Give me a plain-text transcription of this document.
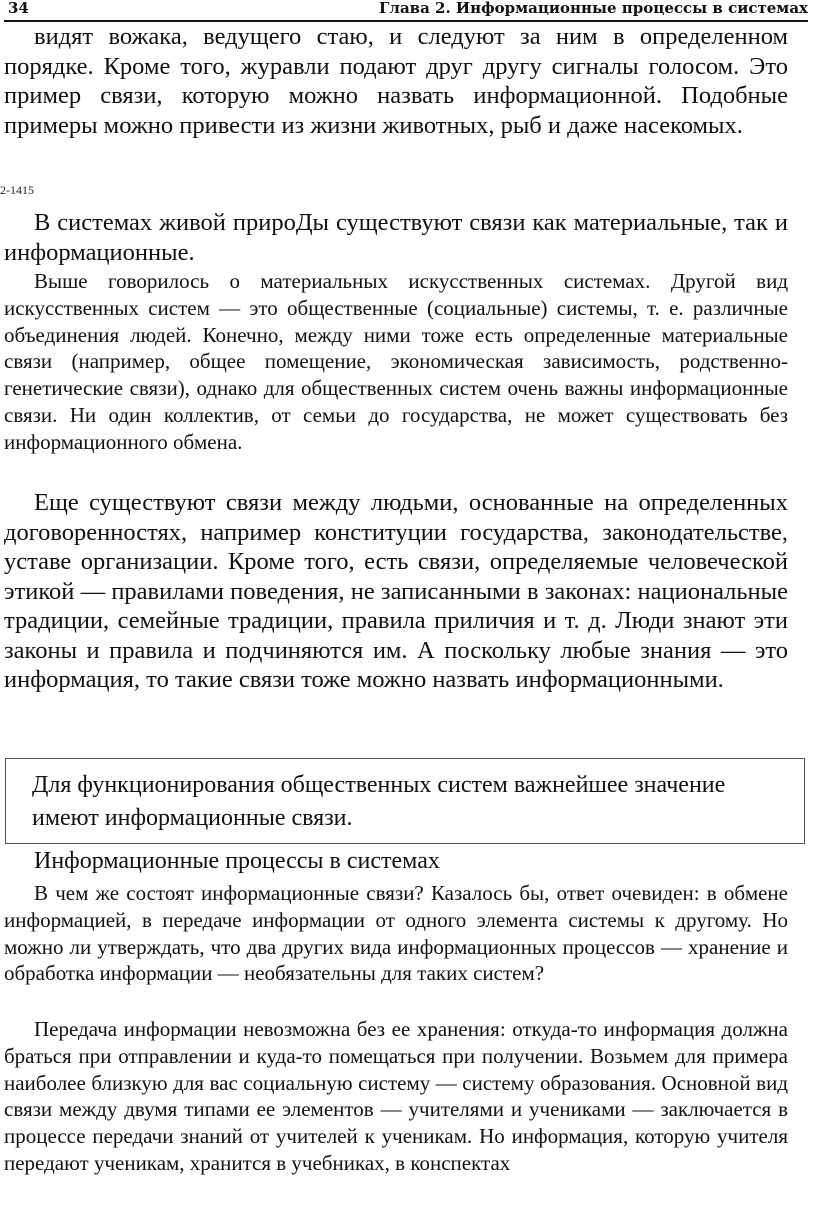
34	Глава 2. Информационные процессы в системах

видят вожака, ведущего стаю, и следуют за ним в определенном порядке. Кроме того, журавли подают друг другу сигналы голосом. Это пример связи, которую можно назвать информационной. Подобные примеры можно привести из жизни животных, рыб и даже насекомых.

2-1415

В системах живой прироДы существуют связи как материальные, так и информационные.

Выше говорилось о материальных искусственных системах. Другой вид искусственных систем — это общественные (социальные) системы, т. е. различные объединения людей. Конечно, между ними тоже есть определенные материальные связи (например, общее помещение, экономическая зависимость, родственно-генетические связи), однако для общественных систем очень важны информационные связи. Ни один коллектив, от семьи до государства, не может существовать без информационного обмена.

Еще существуют связи между людьми, основанные на определенных договоренностях, например конституции государства, законодательстве, уставе организации. Кроме того, есть связи, определяемые человеческой этикой — правилами поведения, не записанными в законах: национальные традиции, семейные традиции, правила приличия и т. д. Люди знают эти законы и правила и подчиняются им. А поскольку любые знания — это информация, то такие связи тоже можно назвать информационными.

Для функционирования общественных систем важнейшее значение имеют информационные связи.

Информационные процессы в системах

В чем же состоят информационные связи? Казалось бы, ответ очевиден: в обмене информацией, в передаче информации от одного элемента системы к другому. Но можно ли утверждать, что два других вида информационных процессов — хранение и обработка информации — необязательны для таких систем?

Передача информации невозможна без ее хранения: откуда-то информация должна браться при отправлении и куда-то помещаться при получении. Возьмем для примера наиболее близкую для вас социальную систему — систему образования. Основной вид связи между двумя типами ее элементов — учителями и учениками — заключается в процессе передачи знаний от учителей к ученикам. Но информация, которую учителя передают ученикам, хранится в учебниках, в конспектах
